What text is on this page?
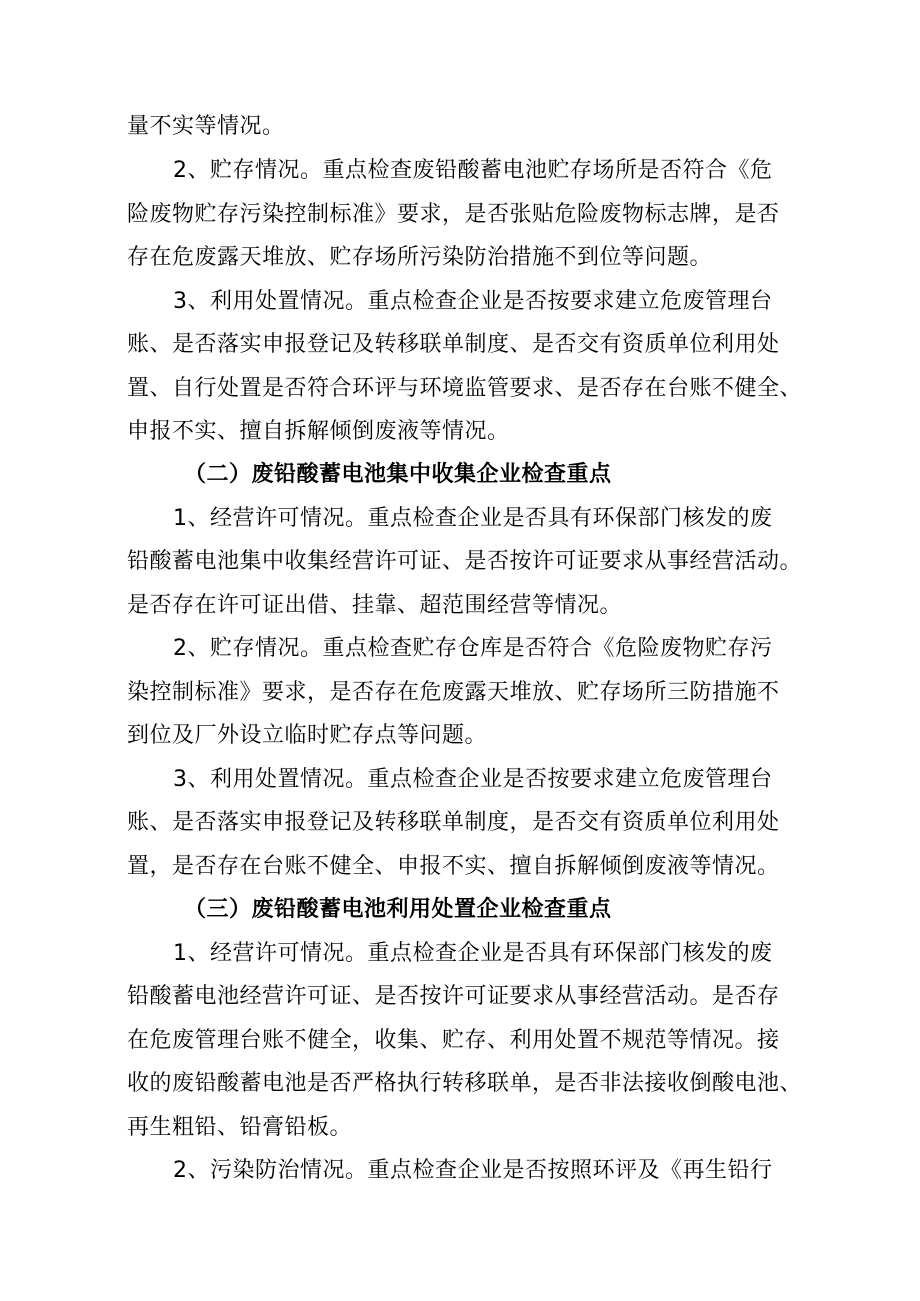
量不实等情况。
2、贮存情况。重点检查废铅酸蓄电池贮存场所是否符合《危
险废物贮存污染控制标准》要求，是否张贴危险废物标志牌，是否
存在危废露天堆放、贮存场所污染防治措施不到位等问题。
3、利用处置情况。重点检查企业是否按要求建立危废管理台
账、是否落实申报登记及转移联单制度、是否交有资质单位利用处
置、自行处置是否符合环评与环境监管要求、是否存在台账不健全、
申报不实、擅自拆解倾倒废液等情况。
（二）废铅酸蓄电池集中收集企业检查重点
1、经营许可情况。重点检查企业是否具有环保部门核发的废
铅酸蓄电池集中收集经营许可证、是否按许可证要求从事经营活动。
是否存在许可证出借、挂靠、超范围经营等情况。
2、贮存情况。重点检查贮存仓库是否符合《危险废物贮存污
染控制标准》要求，是否存在危废露天堆放、贮存场所三防措施不
到位及厂外设立临时贮存点等问题。
3、利用处置情况。重点检查企业是否按要求建立危废管理台
账、是否落实申报登记及转移联单制度，是否交有资质单位利用处
置，是否存在台账不健全、申报不实、擅自拆解倾倒废液等情况。
（三）废铅酸蓄电池利用处置企业检查重点
1、经营许可情况。重点检查企业是否具有环保部门核发的废
铅酸蓄电池经营许可证、是否按许可证要求从事经营活动。是否存
在危废管理台账不健全，收集、贮存、利用处置不规范等情况。接
收的废铅酸蓄电池是否严格执行转移联单，是否非法接收倒酸电池、
再生粗铅、铅膏铅板。
2、污染防治情况。重点检查企业是否按照环评及《再生铅行
